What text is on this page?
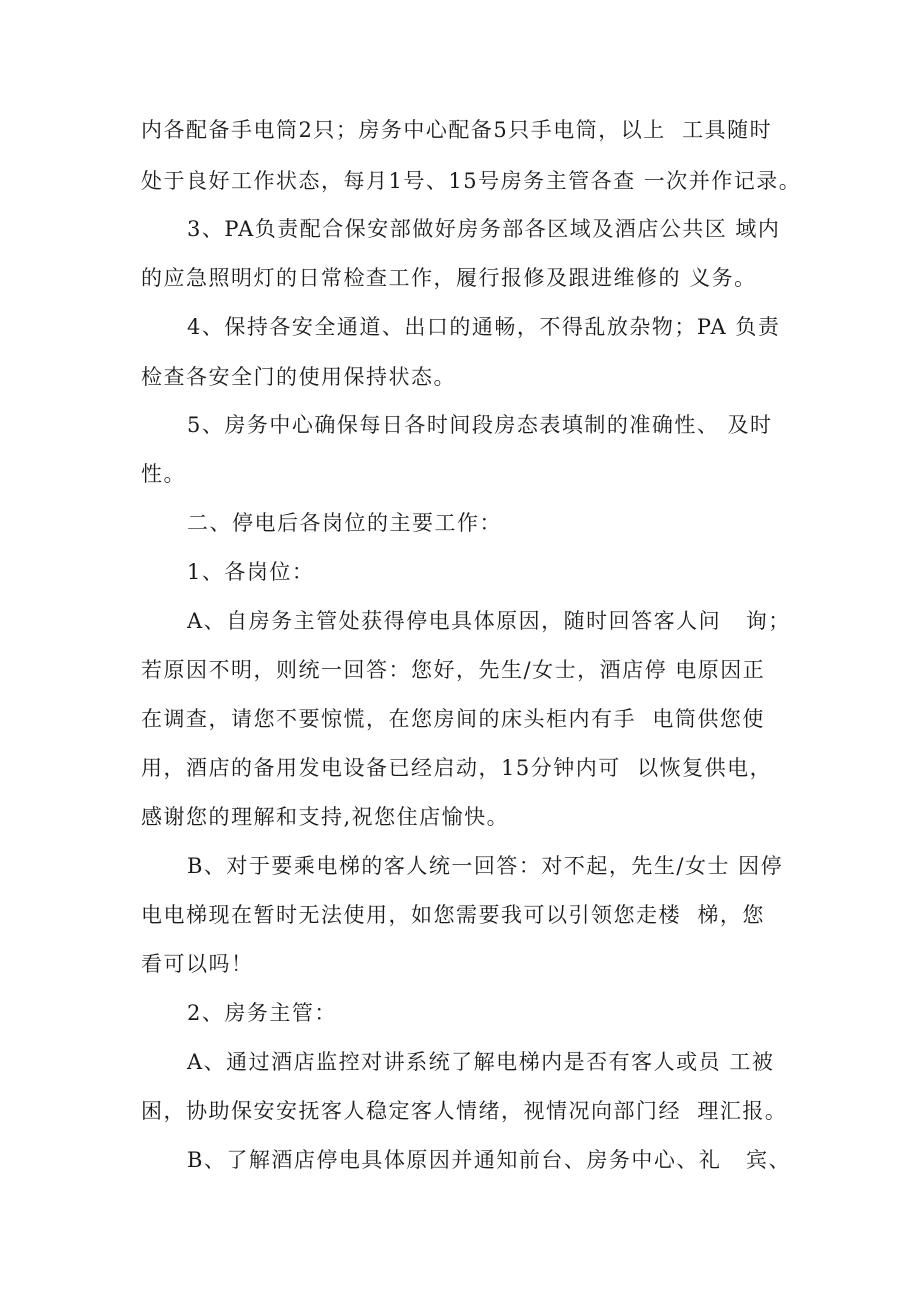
内各配备手电筒2只；房务中心配备5只手电筒，以上  工具随时

处于良好工作状态，每月1号、15号房务主管各查 一次并作记录。

3、PA负责配合保安部做好房务部各区域及酒店公共区 域内

的应急照明灯的日常检查工作，履行报修及跟进维修的 义务。

4、保持各安全通道、出口的通畅，不得乱放杂物；PA 负责

检查各安全门的使用保持状态。

5、房务中心确保每日各时间段房态表填制的准确性、 及时

性。

二、停电后各岗位的主要工作：

1、各岗位：

A、自房务主管处获得停电具体原因，随时回答客人问   询；

若原因不明，则统一回答：您好，先生/女士，酒店停 电原因正

在调查，请您不要惊慌，在您房间的床头柜内有手  电筒供您使

用，酒店的备用发电设备已经启动，15分钟内可  以恢复供电，

感谢您的理解和支持,祝您住店愉快。

B、对于要乘电梯的客人统一回答：对不起，先生/女士 因停

电电梯现在暂时无法使用，如您需要我可以引领您走楼  梯，您

看可以吗！

2、房务主管：

A、通过酒店监控对讲系统了解电梯内是否有客人或员 工被

困，协助保安安抚客人稳定客人情绪，视情况向部门经  理汇报。

B、了解酒店停电具体原因并通知前台、房务中心、礼   宾、
